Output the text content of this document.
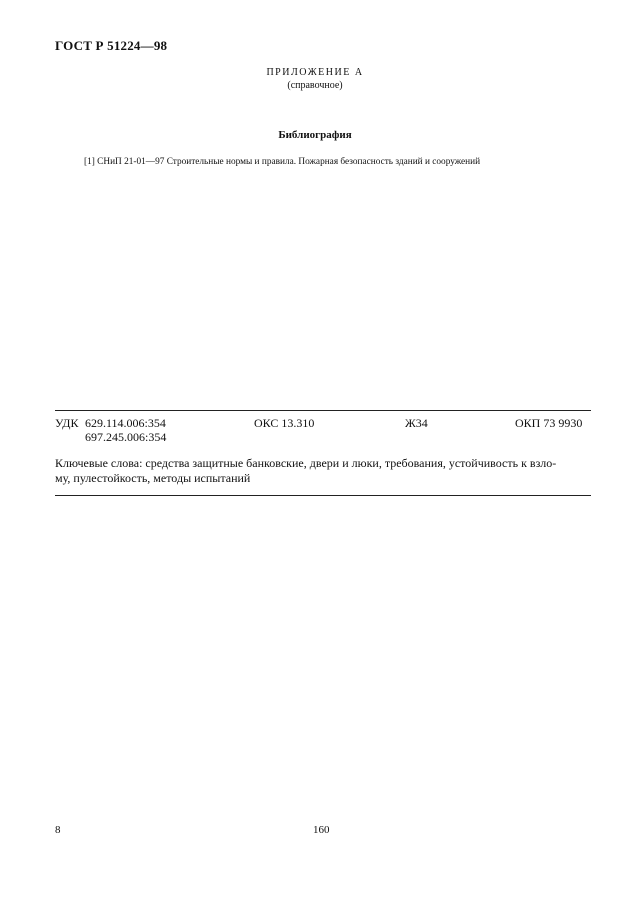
ГОСТ Р 51224—98
ПРИЛОЖЕНИЕ А
(справочное)
Библиография
[1] СНиП 21-01—97 Строительные нормы и правила. Пожарная безопасность зданий и сооружений
УДК 629.114.006:354
697.245.006:354
ОКС 13.310	Ж34	ОКП 73 9930
Ключевые слова: средства защитные банковские, двери и люки, требования, устойчивость к взло-
му, пулестойкость, методы испытаний
8	160
